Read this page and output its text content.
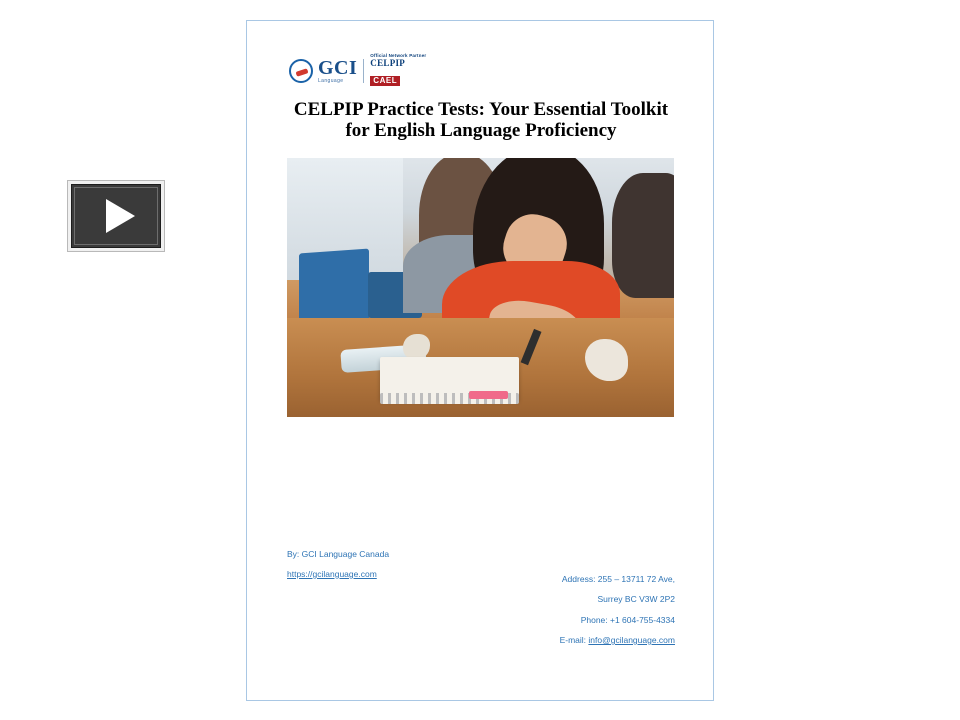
GCI
Language
Official Network Partner
CELPIP
CAEL
CELPIP Practice Tests: Your Essential Toolkit for English Language Proficiency
By: GCI Language Canada
https://gcilanguage.com	Address: 255 – 13711 72 Ave,
Surrey BC V3W 2P2
Phone: +1 604-755-4334
E-mail: info@gcilanguage.com
